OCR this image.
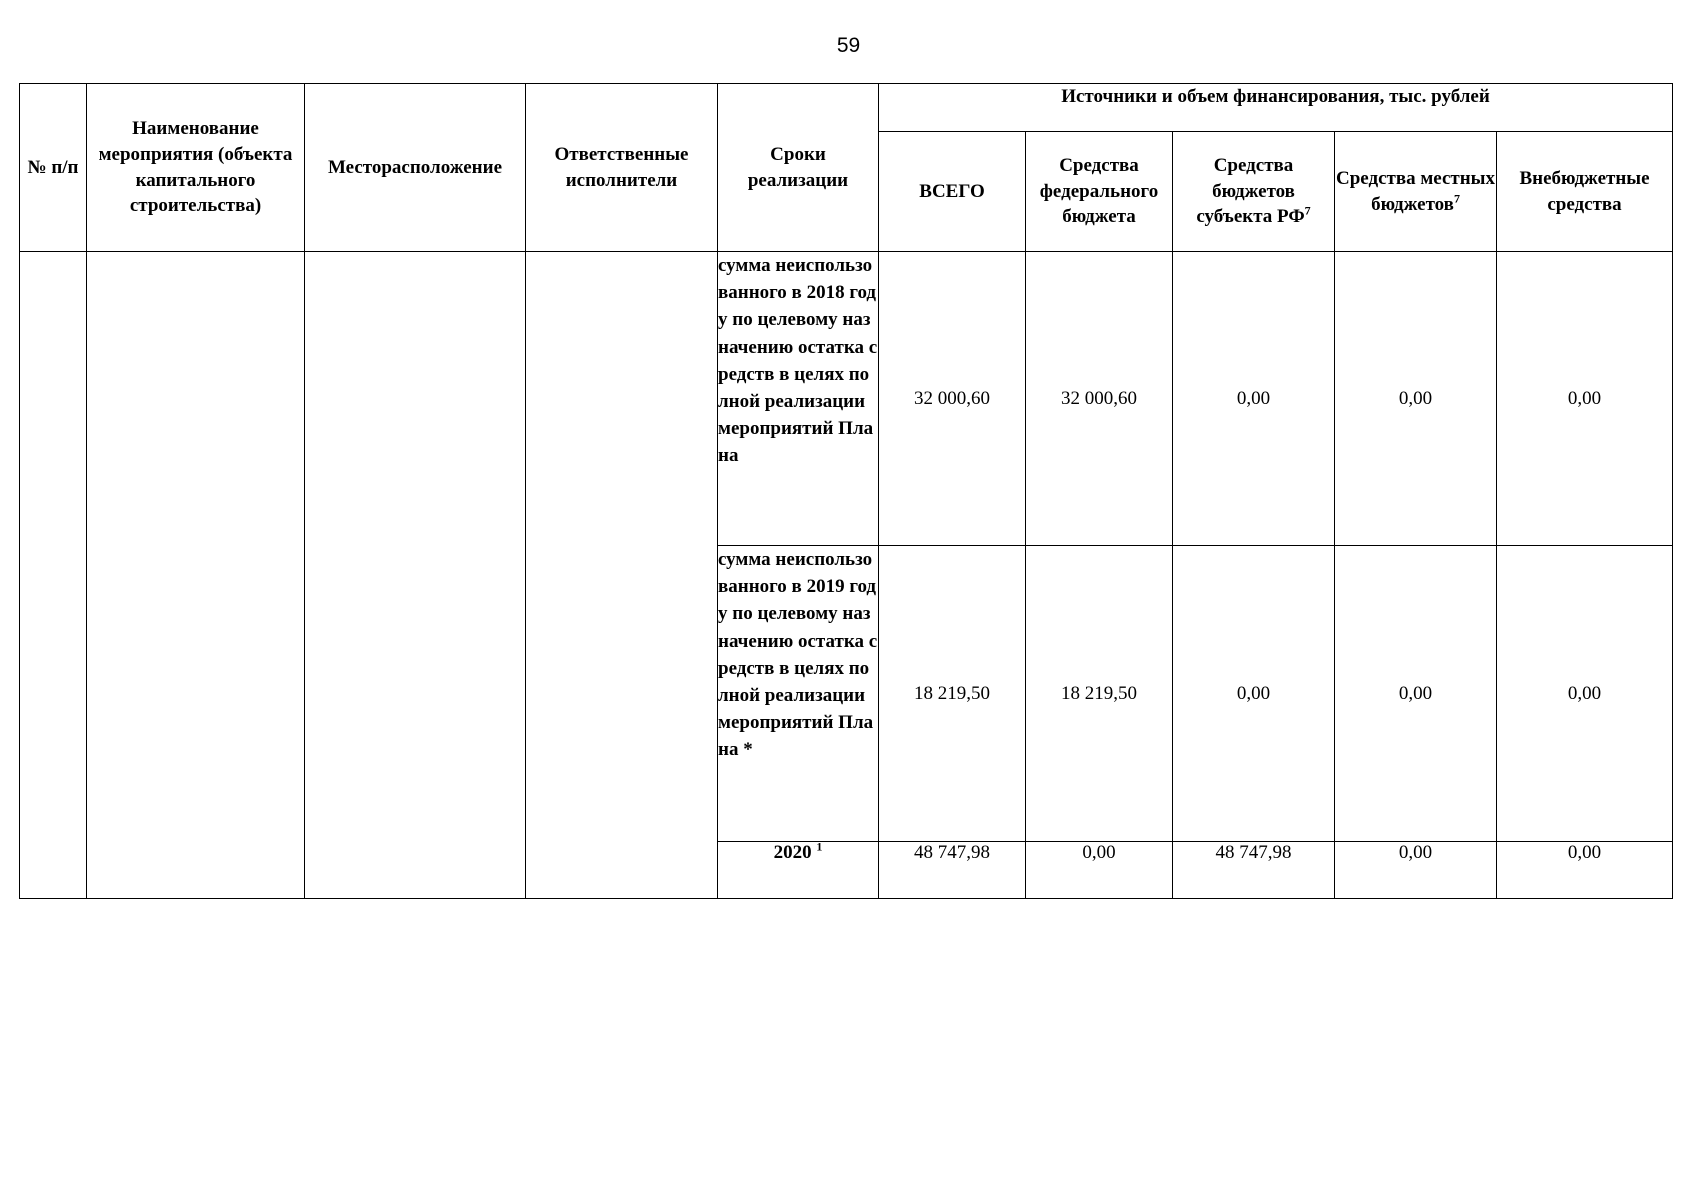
59
№ п/п	Наименование мероприятия (объекта капитального строительства)	Месторасположение	Ответственные исполнители	Сроки реализации	Источники и объем финансирования, тыс. рублей				
					ВСЕГО	Средства федерального бюджета	Средства бюджетов субъекта $РФ^7$	Средства местных бюджетов$^7$	Внебюджетные средства
				сумма неиспользованного в 2018 году по целевому назначению остатка средств в целях полной реализации мероприятий Плана	32 000,60	32 000,60	0,00	0,00	0,00
				сумма неиспользованного в 2019 году по целевому назначению остатка средств в целях полной реализации мероприятий Плана *	18 219,50	18 219,50	0,00	0,00	0,00
				2020 $^1$	48 747,98	0,00	48 747,98	0,00	0,00
